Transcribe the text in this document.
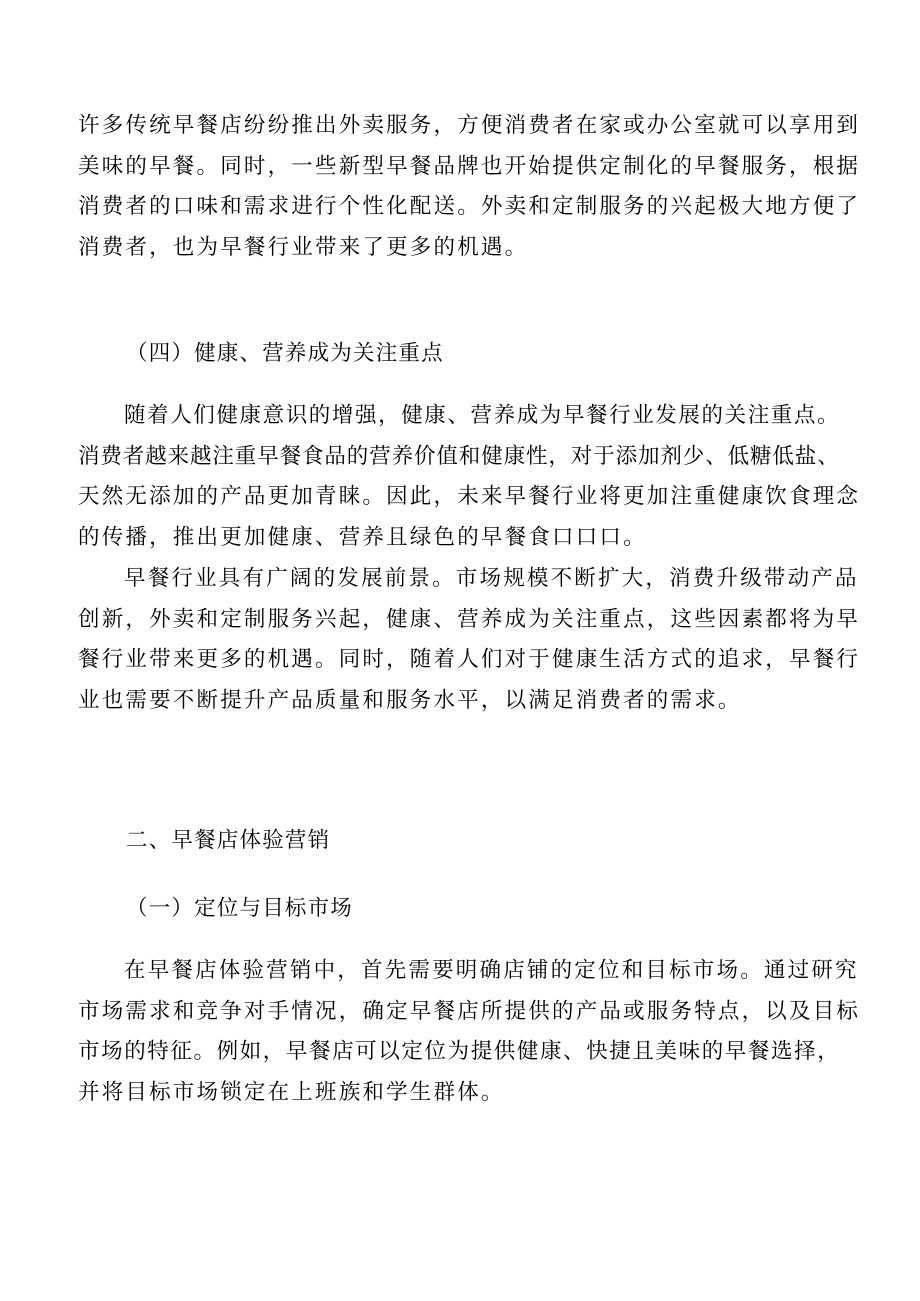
许多传统早餐店纷纷推出外卖服务，方便消费者在家或办公室就可以享用到

美味的早餐。同时，一些新型早餐品牌也开始提供定制化的早餐服务，根据

消费者的口味和需求进行个性化配送。外卖和定制服务的兴起极大地方便了

消费者，也为早餐行业带来了更多的机遇。

（四）健康、营养成为关注重点

随着人们健康意识的增强，健康、营养成为早餐行业发展的关注重点。

消费者越来越注重早餐食品的营养价值和健康性，对于添加剂少、低糖低盐、

天然无添加的产品更加青睐。因此，未来早餐行业将更加注重健康饮食理念

的传播，推出更加健康、营养且绿色的早餐食口口口。

早餐行业具有广阔的发展前景。市场规模不断扩大，消费升级带动产品

创新，外卖和定制服务兴起，健康、营养成为关注重点，这些因素都将为早

餐行业带来更多的机遇。同时，随着人们对于健康生活方式的追求，早餐行

业也需要不断提升产品质量和服务水平，以满足消费者的需求。

二、早餐店体验营销
（一）定位与目标市场

在早餐店体验营销中，首先需要明确店铺的定位和目标市场。通过研究

市场需求和竞争对手情况，确定早餐店所提供的产品或服务特点，以及目标

市场的特征。例如，早餐店可以定位为提供健康、快捷且美味的早餐选择，

并将目标市场锁定在上班族和学生群体。
